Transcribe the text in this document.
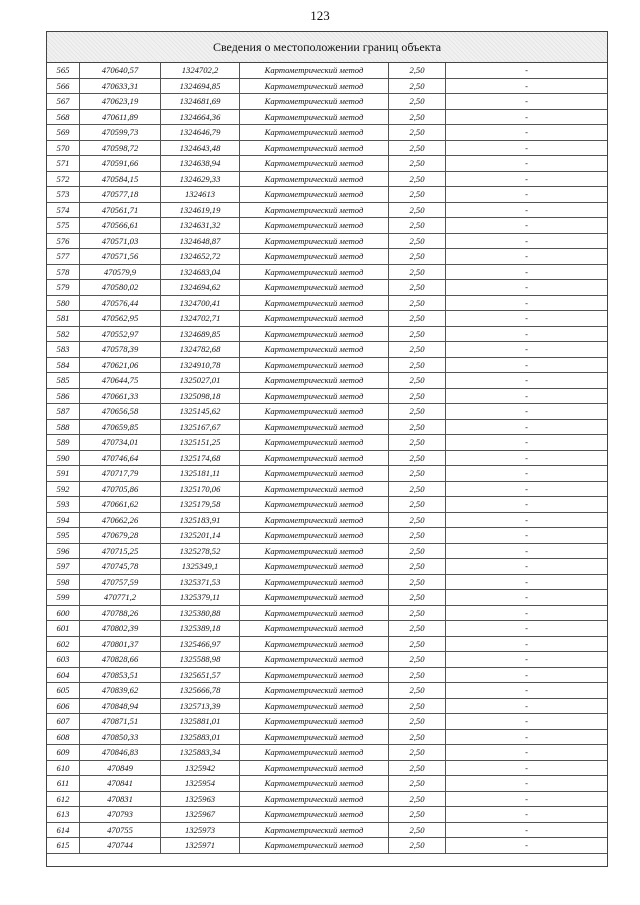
123
Сведения о местоположении границ объекта
565	470640,57	1324702,2	Картометрический метод	2,50	-
566	470633,31	1324694,85	Картометрический метод	2,50	-
567	470623,19	1324681,69	Картометрический метод	2,50	-
568	470611,89	1324664,36	Картометрический метод	2,50	-
569	470599,73	1324646,79	Картометрический метод	2,50	-
570	470598,72	1324643,48	Картометрический метод	2,50	-
571	470591,66	1324638,94	Картометрический метод	2,50	-
572	470584,15	1324629,33	Картометрический метод	2,50	-
573	470577,18	1324613	Картометрический метод	2,50	-
574	470561,71	1324619,19	Картометрический метод	2,50	-
575	470566,61	1324631,32	Картометрический метод	2,50	-
576	470571,03	1324648,87	Картометрический метод	2,50	-
577	470571,56	1324652,72	Картометрический метод	2,50	-
578	470579,9	1324683,04	Картометрический метод	2,50	-
579	470580,02	1324694,62	Картометрический метод	2,50	-
580	470576,44	1324700,41	Картометрический метод	2,50	-
581	470562,95	1324702,71	Картометрический метод	2,50	-
582	470552,97	1324689,85	Картометрический метод	2,50	-
583	470578,39	1324782,68	Картометрический метод	2,50	-
584	470621,06	1324910,78	Картометрический метод	2,50	-
585	470644,75	1325027,01	Картометрический метод	2,50	-
586	470661,33	1325098,18	Картометрический метод	2,50	-
587	470656,58	1325145,62	Картометрический метод	2,50	-
588	470659,85	1325167,67	Картометрический метод	2,50	-
589	470734,01	1325151,25	Картометрический метод	2,50	-
590	470746,64	1325174,68	Картометрический метод	2,50	-
591	470717,79	1325181,11	Картометрический метод	2,50	-
592	470705,86	1325170,06	Картометрический метод	2,50	-
593	470661,62	1325179,58	Картометрический метод	2,50	-
594	470662,26	1325183,91	Картометрический метод	2,50	-
595	470679,28	1325201,14	Картометрический метод	2,50	-
596	470715,25	1325278,52	Картометрический метод	2,50	-
597	470745,78	1325349,1	Картометрический метод	2,50	-
598	470757,59	1325371,53	Картометрический метод	2,50	-
599	470771,2	1325379,11	Картометрический метод	2,50	-
600	470788,26	1325380,88	Картометрический метод	2,50	-
601	470802,39	1325389,18	Картометрический метод	2,50	-
602	470801,37	1325466,97	Картометрический метод	2,50	-
603	470828,66	1325588,98	Картометрический метод	2,50	-
604	470853,51	1325651,57	Картометрический метод	2,50	-
605	470839,62	1325666,78	Картометрический метод	2,50	-
606	470848,94	1325713,39	Картометрический метод	2,50	-
607	470871,51	1325881,01	Картометрический метод	2,50	-
608	470850,33	1325883,01	Картометрический метод	2,50	-
609	470846,83	1325883,34	Картометрический метод	2,50	-
610	470849	1325942	Картометрический метод	2,50	-
611	470841	1325954	Картометрический метод	2,50	-
612	470831	1325963	Картометрический метод	2,50	-
613	470793	1325967	Картометрический метод	2,50	-
614	470755	1325973	Картометрический метод	2,50	-
615	470744	1325971	Картометрический метод	2,50	-
